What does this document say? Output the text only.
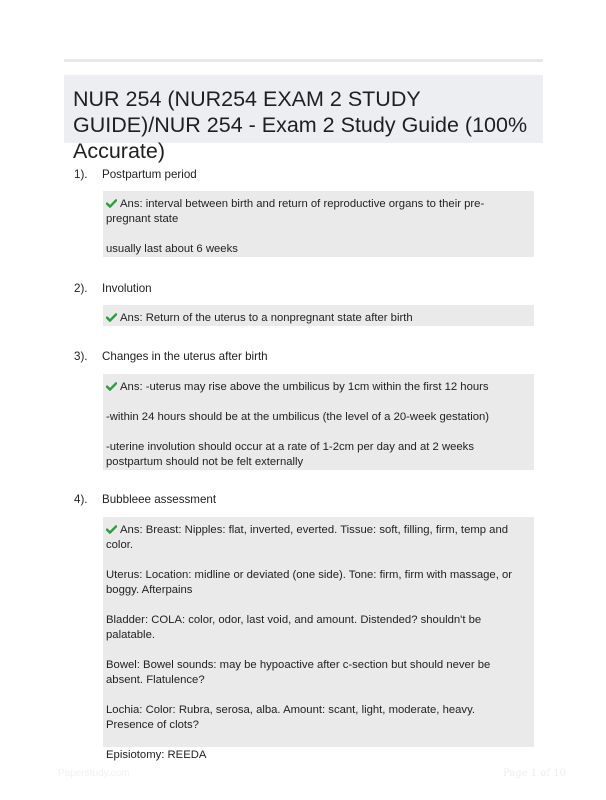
NUR 254 (NUR254 EXAM 2 STUDY GUIDE)/NUR 254 - Exam 2 Study Guide (100% Accurate)
1). Postpartum period

Ans: interval between birth and return of reproductive organs to their pre-pregnant state

usually last about 6 weeks

2). Involution

Ans: Return of the uterus to a nonpregnant state after birth

3). Changes in the uterus after birth

Ans: -uterus may rise above the umbilicus by 1cm within the first 12 hours

-within 24 hours should be at the umbilicus (the level of a 20-week gestation)

-uterine involution should occur at a rate of 1-2cm per day and at 2 weeks postpartum should not be felt externally

4). Bubbleee assessment

Ans: Breast: Nipples: flat, inverted, everted. Tissue: soft, filling, firm, temp and color.

Uterus: Location: midline or deviated (one side). Tone: firm, firm with massage, or boggy. Afterpains

Bladder: COLA: color, odor, last void, and amount. Distended? shouldn't be palatable.

Bowel: Bowel sounds: may be hypoactive after c-section but should never be absent. Flatulence?

Lochia: Color: Rubra, serosa, alba. Amount: scant, light, moderate, heavy. Presence of clots?

Episiotomy: REEDA

Paperstudy.com	Page 1 of 10
